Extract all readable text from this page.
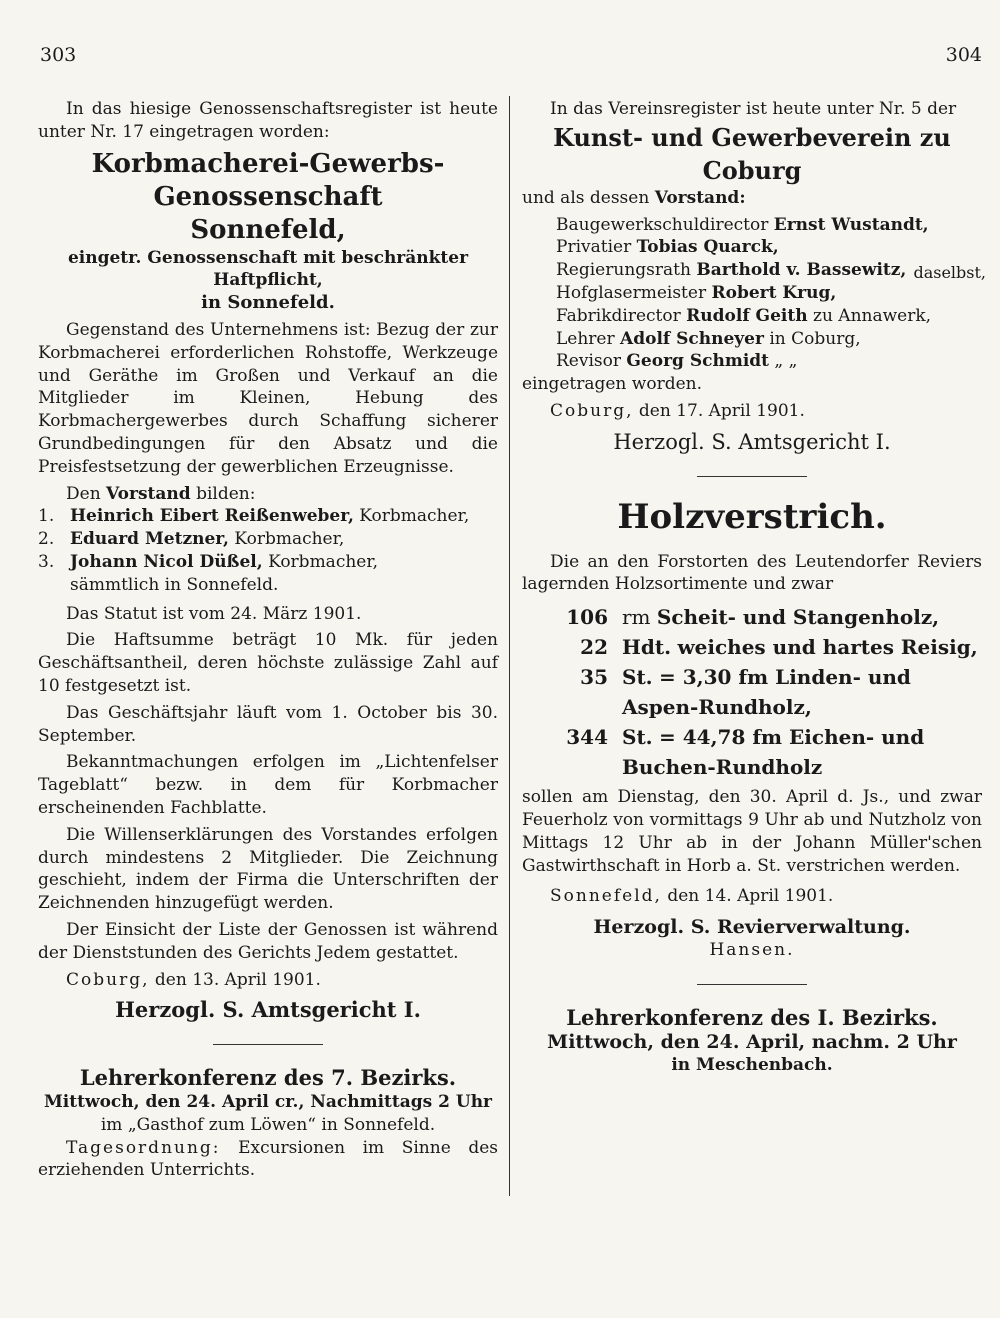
303	304

In das hiesige Genossenschaftsregister ist heute unter Nr. 17 eingetragen worden:

Korbmacherei-Gewerbs-Genossenschaft

Sonnefeld,

eingetr. Genossenschaft mit beschränkter Haftpflicht,

in Sonnefeld.

Gegenstand des Unternehmens ist: Bezug der zur Korbmacherei erforderlichen Rohstoffe, Werkzeuge und Geräthe im Großen und Verkauf an die Mitglieder im Kleinen, Hebung des Korbmachergewerbes durch Schaffung sicherer Grundbedingungen für den Absatz und die Preisfestsetzung der gewerblichen Erzeugnisse.

Den Vorstand bilden:

1. Heinrich Eibert Reißenweber, Korbmacher,
2. Eduard Metzner, Korbmacher,
3. Johann Nicol Düßel, Korbmacher,

sämmtlich in Sonnefeld.

Das Statut ist vom 24. März 1901.

Die Haftsumme beträgt 10 Mk. für jeden Geschäftsantheil, deren höchste zulässige Zahl auf 10 festgesetzt ist.

Das Geschäftsjahr läuft vom 1. October bis 30. September.

Bekanntmachungen erfolgen im „Lichtenfelser Tageblatt“ bezw. in dem für Korbmacher erscheinenden Fachblatte.

Die Willenserklärungen des Vorstandes erfolgen durch mindestens 2 Mitglieder. Die Zeichnung geschieht, indem der Firma die Unterschriften der Zeichnenden hinzugefügt werden.

Der Einsicht der Liste der Genossen ist während der Dienststunden des Gerichts Jedem gestattet.

Coburg, den 13. April 1901.

Herzogl. S. Amtsgericht I.

Lehrerkonferenz des 7. Bezirks.

Mittwoch, den 24. April cr., Nachmittags 2 Uhr

im „Gasthof zum Löwen“ in Sonnefeld.

Tagesordnung: Excursionen im Sinne des erziehenden Unterrichts.

In das Vereinsregister ist heute unter Nr. 5 der

Kunst- und Gewerbeverein zu Coburg

und als dessen Vorstand:

Baugewerkschuldirector Ernst Wustandt,
Privatier Tobias Quarck,
Regierungsrath Barthold v. Bassewitz,
Hofglasermeister Robert Krug,
Fabrikdirector Rudolf Geith zu Annawerk,
Lehrer Adolf Schneyer in Coburg,
Revisor Georg Schmidt „ „
daselbst,

eingetragen worden.

Coburg, den 17. April 1901.

Herzogl. S. Amtsgericht I.

Holzverstrich.

Die an den Forstorten des Leutendorfer Reviers lagernden Holzsortimente und zwar

106 rm Scheit- und Stangenholz,
22 Hdt. weiches und hartes Reisig,
35 St. = 3,30 fm Linden- und Aspen-Rundholz,
344 St. = 44,78 fm Eichen- und Buchen-Rundholz

sollen am Dienstag, den 30. April d. Js., und zwar Feuerholz von vormittags 9 Uhr ab und Nutzholz von Mittags 12 Uhr ab in der Johann Müller'schen Gastwirthschaft in Horb a. St. verstrichen werden.

Sonnefeld, den 14. April 1901.

Herzogl. S. Revierverwaltung.

Hansen.

Lehrerkonferenz des I. Bezirks.

Mittwoch, den 24. April, nachm. 2 Uhr

in Meschenbach.
